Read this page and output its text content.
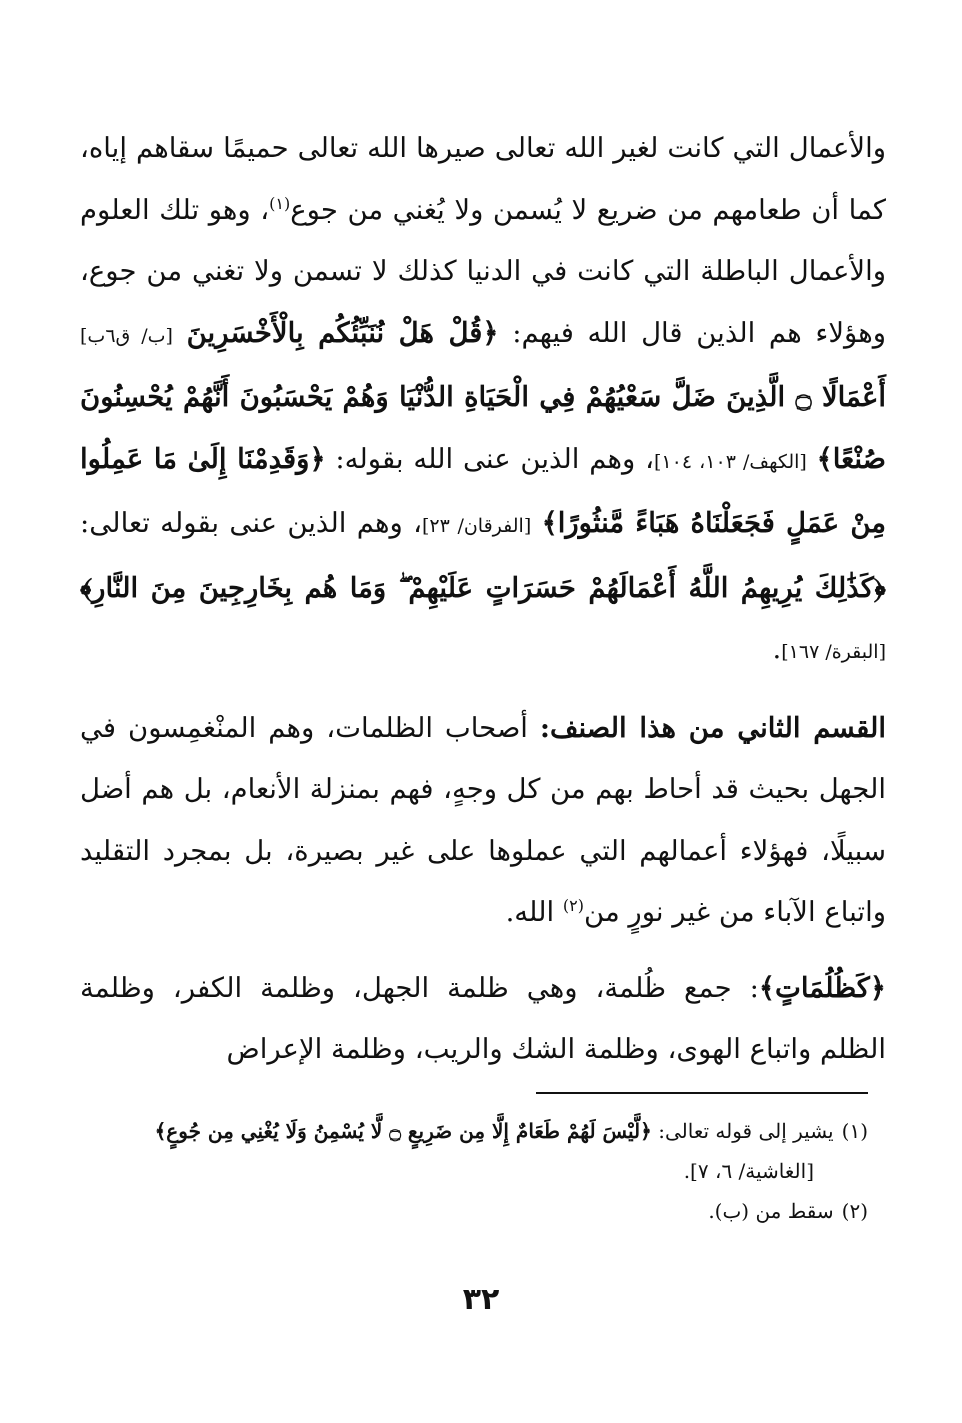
والأعمال التي كانت لغير الله تعالى صيرها الله تعالى حميمًا سقاهم إياه، كما أن طعامهم من ضريع لا يُسمن ولا يُغني من جوع$^{(١)}$، وهو تلك العلوم والأعمال الباطلة التي كانت في الدنيا كذلك لا تسمن ولا تغني من جوع، وهؤلاء هم الذين قال الله فيهم: ﴿قُلْ هَلْ نُنَبِّئُكُم بِالْأَخْسَرِينَ [ب/ ق٦ب] أَعْمَالًا ۝ الَّذِينَ ضَلَّ سَعْيُهُمْ فِي الْحَيَاةِ الدُّنْيَا وَهُمْ يَحْسَبُونَ أَنَّهُمْ يُحْسِنُونَ صُنْعًا﴾ [الكهف/ ١٠٣، ١٠٤]، وهم الذين عنى الله بقوله: ﴿وَقَدِمْنَا إِلَىٰ مَا عَمِلُوا مِنْ عَمَلٍ فَجَعَلْنَاهُ هَبَاءً مَّنثُورًا﴾ [الفرقان/ ٢٣]، وهم الذين عنى بقوله تعالى: ﴿كَذَٰلِكَ يُرِيهِمُ اللَّهُ أَعْمَالَهُمْ حَسَرَاتٍ عَلَيْهِمْ ۖ وَمَا هُم بِخَارِجِينَ مِنَ النَّارِ﴾ [البقرة/ ١٦٧].

القسم الثاني من هذا الصنف: أصحاب الظلمات، وهم المنْغمِسون في الجهل بحيث قد أحاط بهم من كل وجهٍ، فهم بمنزلة الأنعام، بل هم أضل سبيلًا، فهؤلاء أعمالهم التي عملوها على غير بصيرة، بل بمجرد التقليد واتباع الآباء من غير نورٍ من$^{(٢)}$ الله.

﴿كَظُلُمَاتٍ﴾: جمع ظُلمة، وهي ظلمة الجهل، وظلمة الكفر، وظلمة الظلم واتباع الهوى، وظلمة الشك والريب، وظلمة الإعراض

(١)يشير إلى قوله تعالى: ﴿لَّيْسَ لَهُمْ طَعَامٌ إِلَّا مِن ضَرِيعٍ ۝ لَّا يُسْمِنُ وَلَا يُغْنِي مِن جُوعٍ﴾

[الغاشية/ ٦، ٧].

(٢)سقط من (ب).

٣٢
